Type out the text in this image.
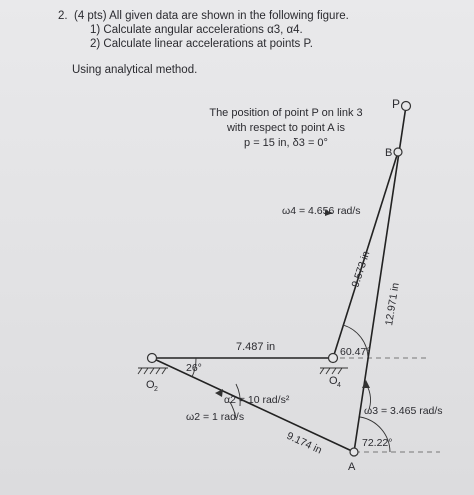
2. (4 pts) All given data are shown in the following figure.
1) Calculate angular accelerations α3, α4.
2) Calculate linear accelerations at points P.
Using analytical method.
The position of point P on link 3
with respect to point A is
p = 15 in, δ3 = 0°
P
B
O 2
O 4
A
7.487 in
9.573 in
12.971 in
9.174 in
26°
60.47°
72.22°
ω4 = 4.656 rad/s
α2 = 10 rad/s²
ω2 = 1 rad/s	ω3 = 3.465 rad/s
